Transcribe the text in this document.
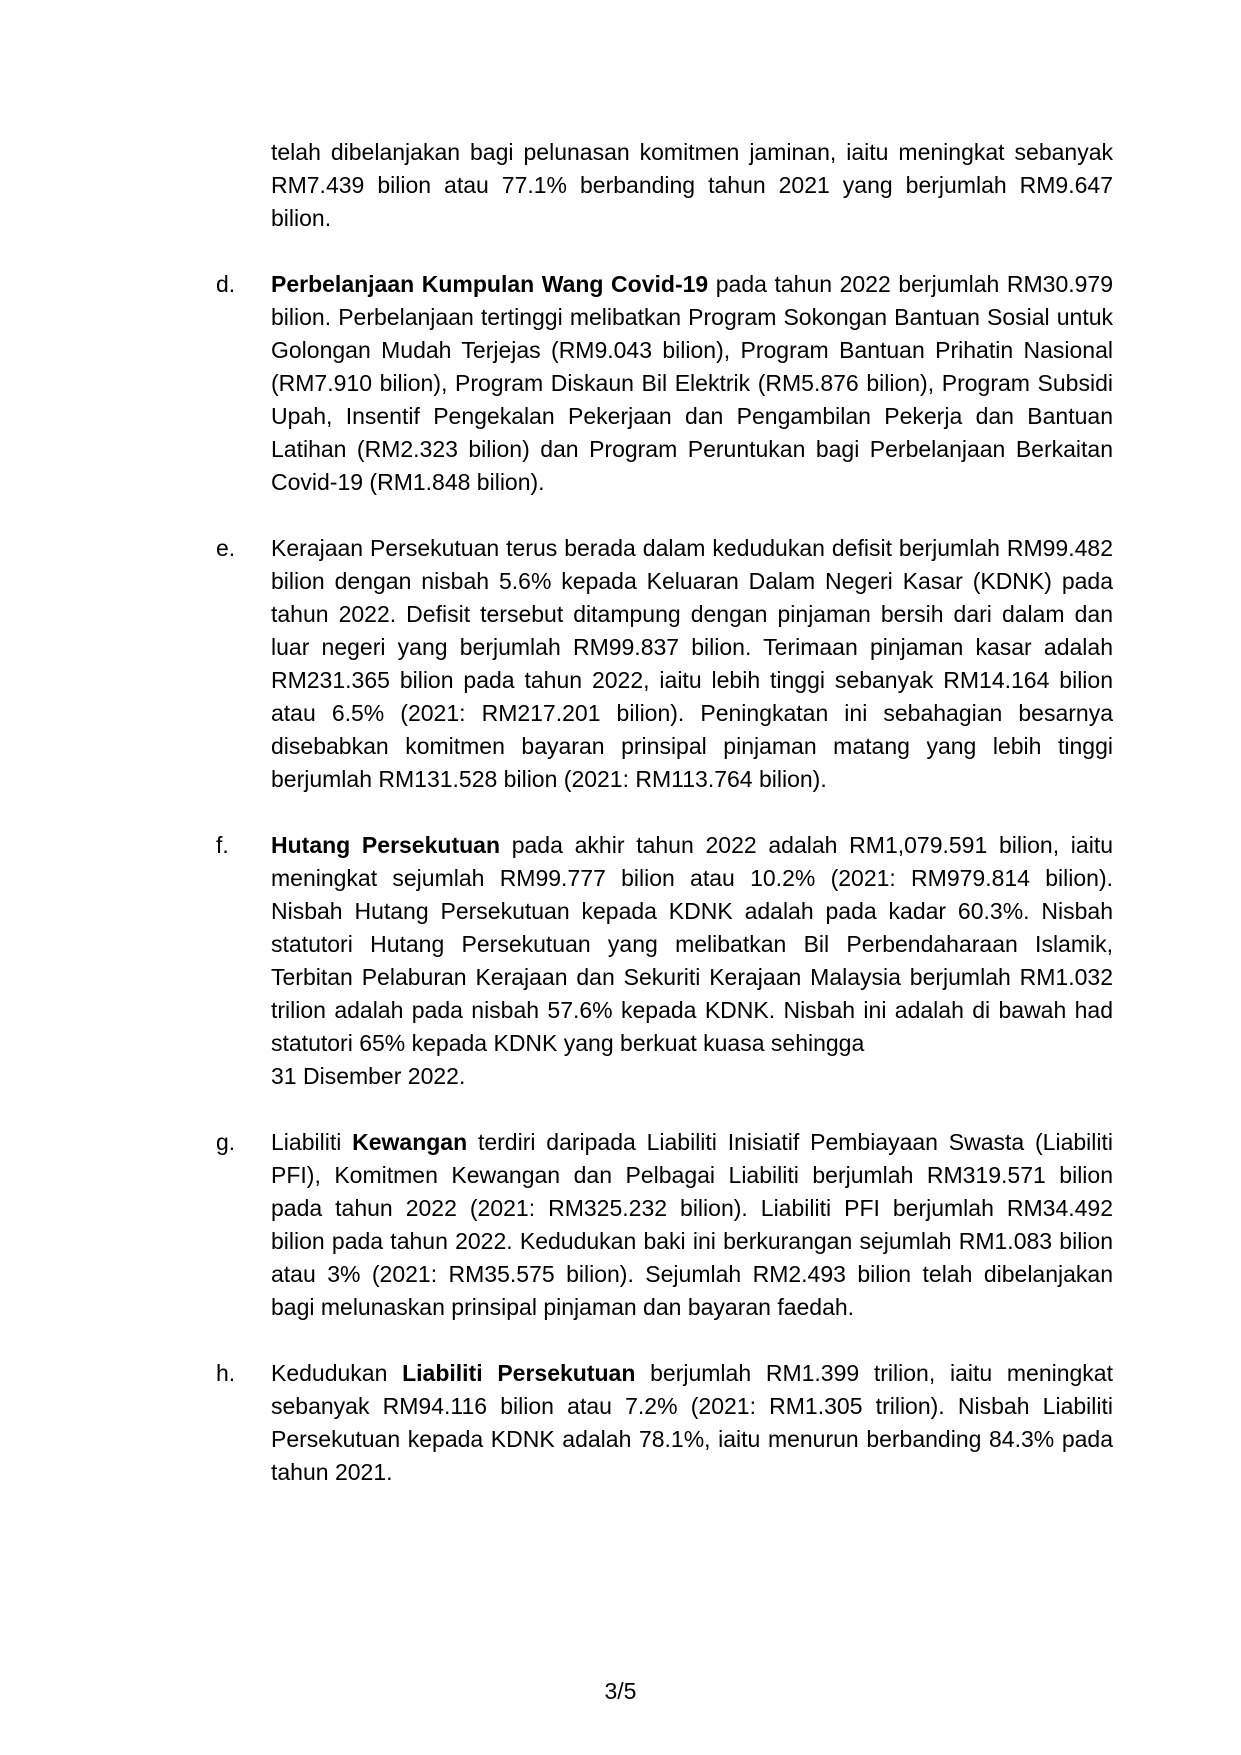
telah dibelanjakan bagi pelunasan komitmen jaminan, iaitu meningkat sebanyak RM7.439 bilion atau 77.1% berbanding tahun 2021 yang berjumlah RM9.647 bilion.
d. Perbelanjaan Kumpulan Wang Covid-19 pada tahun 2022 berjumlah RM30.979 bilion. Perbelanjaan tertinggi melibatkan Program Sokongan Bantuan Sosial untuk Golongan Mudah Terjejas (RM9.043 bilion), Program Bantuan Prihatin Nasional (RM7.910 bilion), Program Diskaun Bil Elektrik (RM5.876 bilion), Program Subsidi Upah, Insentif Pengekalan Pekerjaan dan Pengambilan Pekerja dan Bantuan Latihan (RM2.323 bilion) dan Program Peruntukan bagi Perbelanjaan Berkaitan Covid-19 (RM1.848 bilion).
e. Kerajaan Persekutuan terus berada dalam kedudukan defisit berjumlah RM99.482 bilion dengan nisbah 5.6% kepada Keluaran Dalam Negeri Kasar (KDNK) pada tahun 2022. Defisit tersebut ditampung dengan pinjaman bersih dari dalam dan luar negeri yang berjumlah RM99.837 bilion. Terimaan pinjaman kasar adalah RM231.365 bilion pada tahun 2022, iaitu lebih tinggi sebanyak RM14.164 bilion atau 6.5% (2021: RM217.201 bilion). Peningkatan ini sebahagian besarnya disebabkan komitmen bayaran prinsipal pinjaman matang yang lebih tinggi berjumlah RM131.528 bilion (2021: RM113.764 bilion).
f. Hutang Persekutuan pada akhir tahun 2022 adalah RM1,079.591 bilion, iaitu meningkat sejumlah RM99.777 bilion atau 10.2% (2021: RM979.814 bilion). Nisbah Hutang Persekutuan kepada KDNK adalah pada kadar 60.3%. Nisbah statutori Hutang Persekutuan yang melibatkan Bil Perbendaharaan Islamik, Terbitan Pelaburan Kerajaan dan Sekuriti Kerajaan Malaysia berjumlah RM1.032 trilion adalah pada nisbah 57.6% kepada KDNK. Nisbah ini adalah di bawah had statutori 65% kepada KDNK yang berkuat kuasa sehingga
31 Disember 2022.
g. Liabiliti Kewangan terdiri daripada Liabiliti Inisiatif Pembiayaan Swasta (Liabiliti PFI), Komitmen Kewangan dan Pelbagai Liabiliti berjumlah RM319.571 bilion pada tahun 2022 (2021: RM325.232 bilion). Liabiliti PFI berjumlah RM34.492 bilion pada tahun 2022. Kedudukan baki ini berkurangan sejumlah RM1.083 bilion atau 3% (2021: RM35.575 bilion). Sejumlah RM2.493 bilion telah dibelanjakan bagi melunaskan prinsipal pinjaman dan bayaran faedah.
h. Kedudukan Liabiliti Persekutuan berjumlah RM1.399 trilion, iaitu meningkat sebanyak RM94.116 bilion atau 7.2% (2021: RM1.305 trilion). Nisbah Liabiliti Persekutuan kepada KDNK adalah 78.1%, iaitu menurun berbanding 84.3% pada tahun 2021.
3/5
